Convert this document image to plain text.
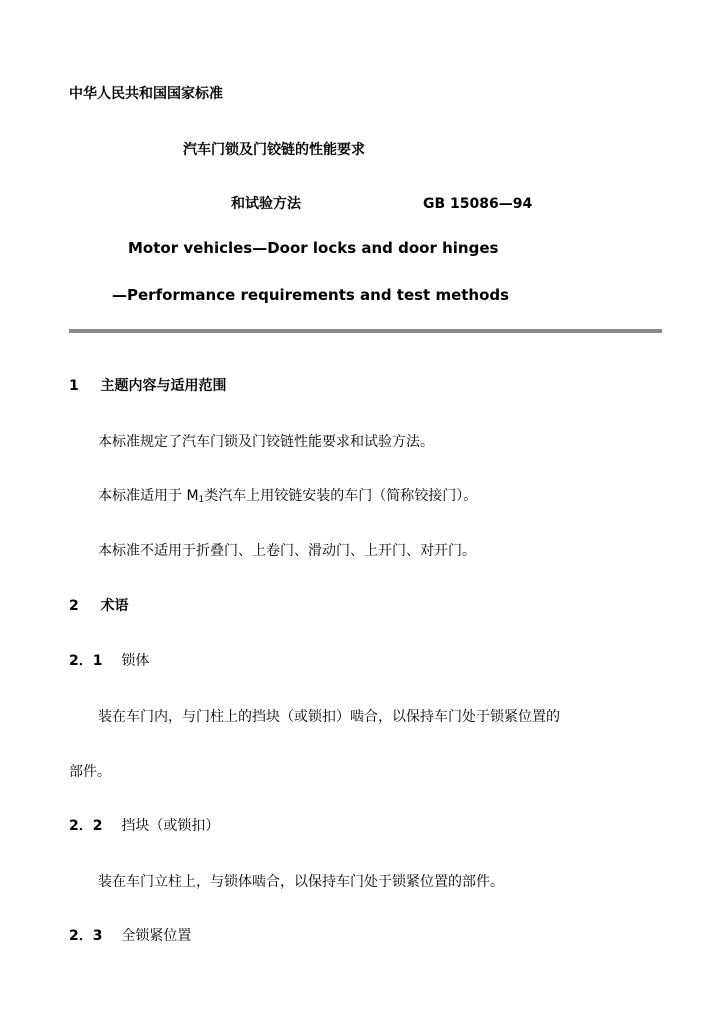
中华人民共和国国家标准
汽车门锁及门铰链的性能要求
和试验方法	GB 15086—94
Motor vehicles—Door locks and door hinges
—Performance requirements and test methods
1 主题内容与适用范围
本标准规定了汽车门锁及门铰链性能要求和试验方法。
本标准适用于 $M_1$类汽车上用铰链安装的车门（简称铰接门）。
本标准不适用于折叠门、上卷门、滑动门、上开门、对开门。
2 术语
2．1 锁体
装在车门内，与门柱上的挡块（或锁扣）啮合，以保持车门处于锁紧位置的
部件。
2．2 挡块（或锁扣）
装在车门立柱上，与锁体啮合，以保持车门处于锁紧位置的部件。
2．3 全锁紧位置
